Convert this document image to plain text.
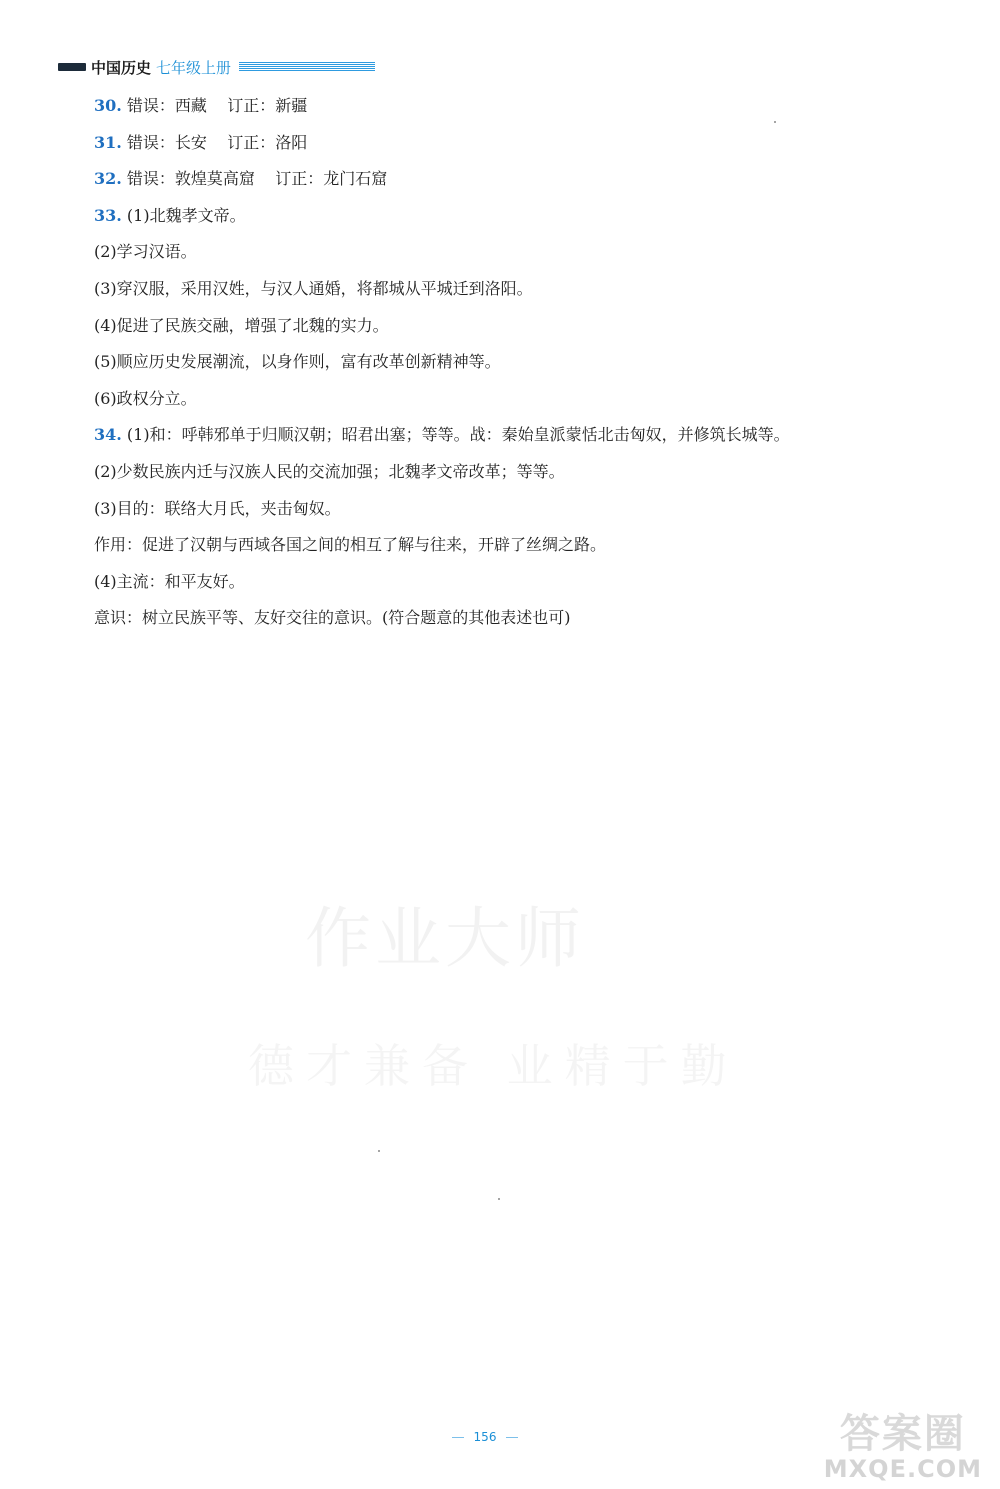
中国历史 七年级上册
作业大师
德才兼备 业精于勤
30. 错误：西藏    订正：新疆
31. 错误：长安    订正：洛阳
32. 错误：敦煌莫高窟    订正：龙门石窟
33. (1)北魏孝文帝。
(2)学习汉语。
(3)穿汉服，采用汉姓，与汉人通婚，将都城从平城迁到洛阳。
(4)促进了民族交融，增强了北魏的实力。
(5)顺应历史发展潮流，以身作则，富有改革创新精神等。
(6)政权分立。
34. (1)和：呼韩邪单于归顺汉朝；昭君出塞；等等。战：秦始皇派蒙恬北击匈奴，并修筑长城等。
(2)少数民族内迁与汉族人民的交流加强；北魏孝文帝改革；等等。
(3)目的：联络大月氏，夹击匈奴。
作用：促进了汉朝与西域各国之间的相互了解与往来，开辟了丝绸之路。
(4)主流：和平友好。
意识：树立民族平等、友好交往的意识。(符合题意的其他表述也可)
156	答案圈
MXQE.COM
